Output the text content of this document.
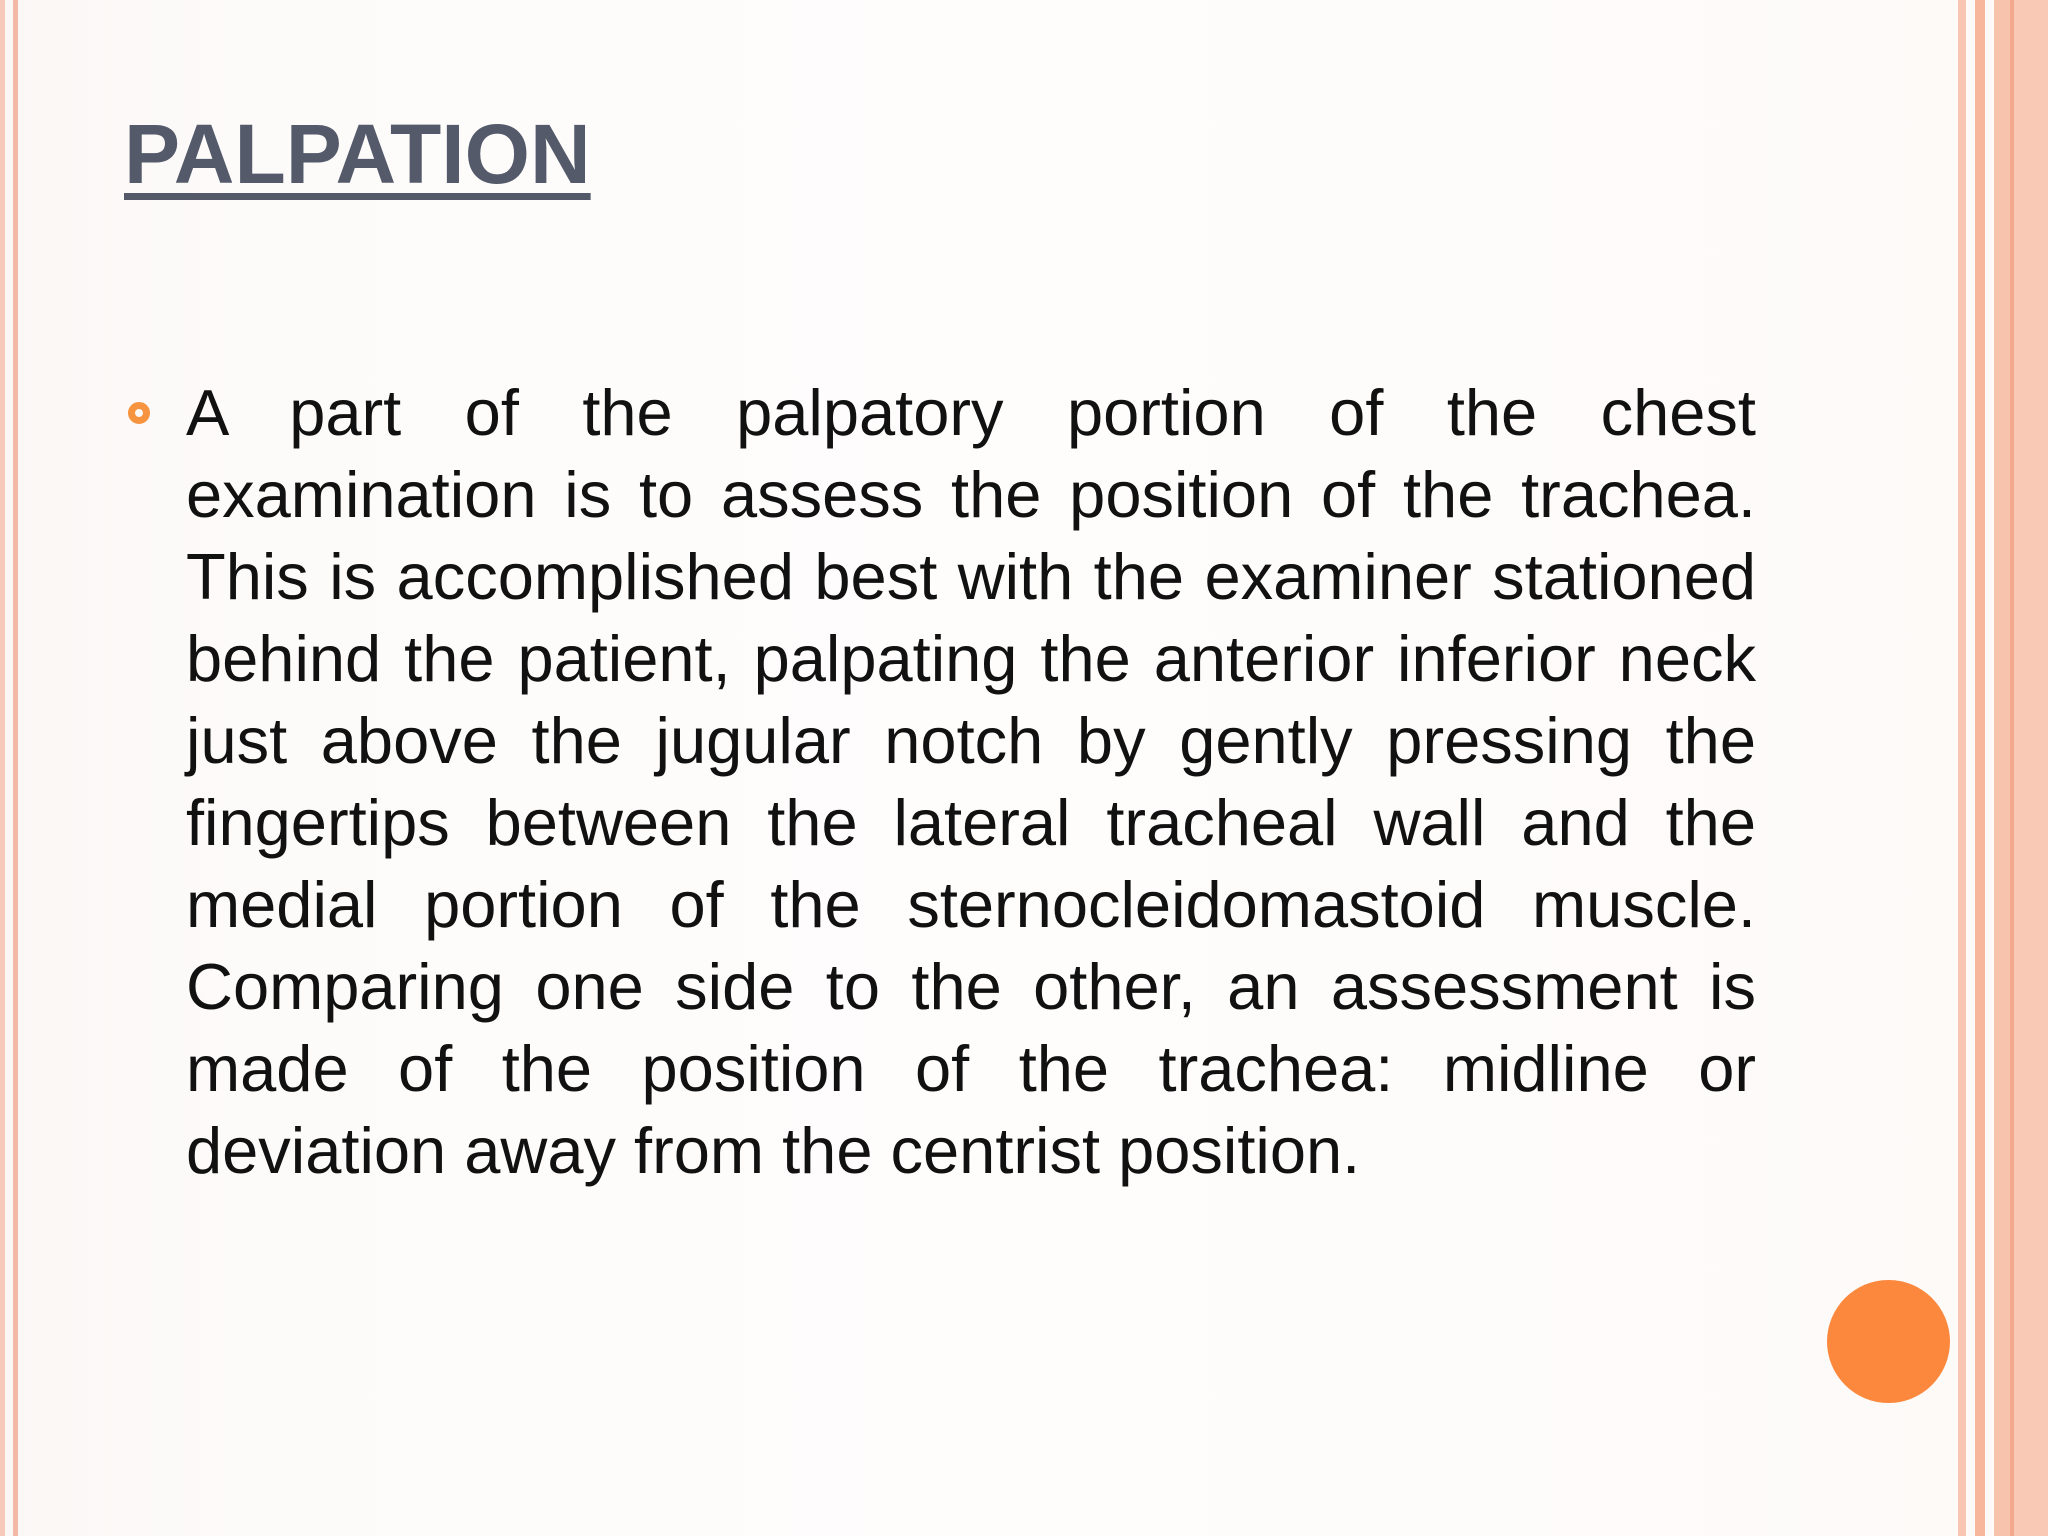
PALPATION
A part of the palpatory portion of the chest examination is to assess the position of the trachea. This is accomplished best with the examiner stationed behind the patient, palpating the anterior inferior neck just above the jugular notch by gently pressing the fingertips between the lateral tracheal wall and the medial portion of the sternocleidomastoid muscle. Comparing one side to the other, an assessment is made of the position of the trachea: midline or deviation away from the centrist position.
